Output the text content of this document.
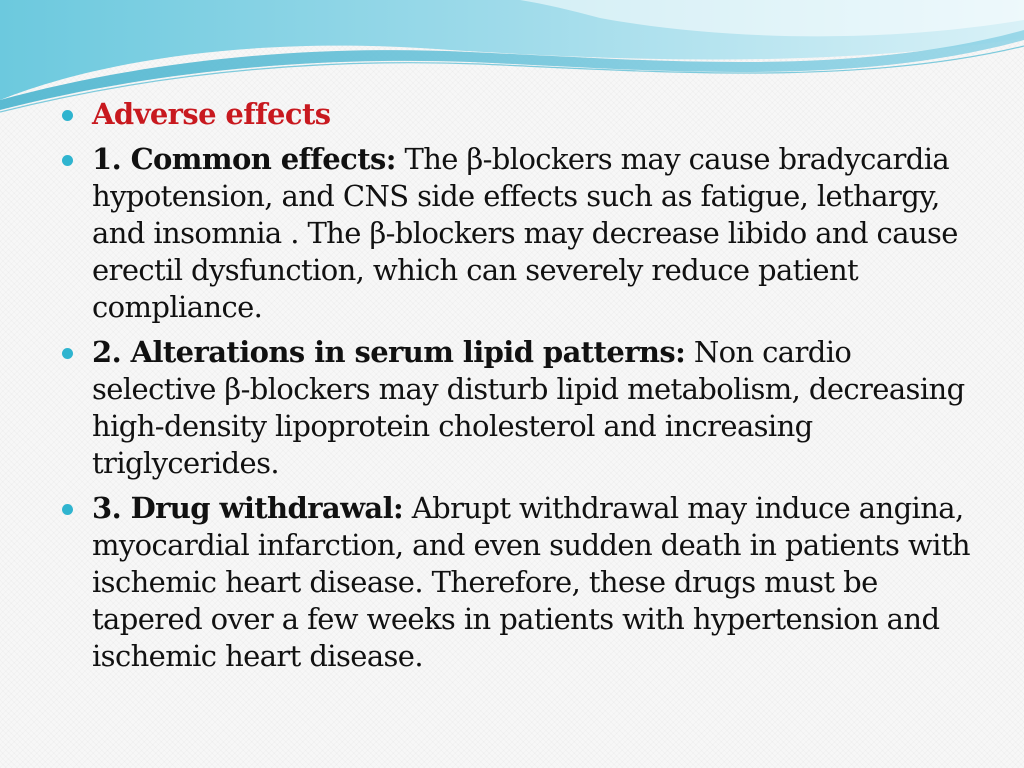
Adverse effects
1. Common effects: The β-blockers may cause bradycardia hypotension, and CNS side effects such as fatigue, lethargy, and insomnia . The β-blockers may decrease libido and cause erectil dysfunction, which can severely reduce patient compliance.
2. Alterations in serum lipid patterns: Non cardio selective β-blockers may disturb lipid metabolism, decreasing high-density lipoprotein cholesterol and increasing triglycerides.
3. Drug withdrawal: Abrupt withdrawal may induce angina, myocardial infarction, and even sudden death in patients with ischemic heart disease. Therefore, these drugs must be tapered over a few weeks in patients with hypertension and ischemic heart disease.
